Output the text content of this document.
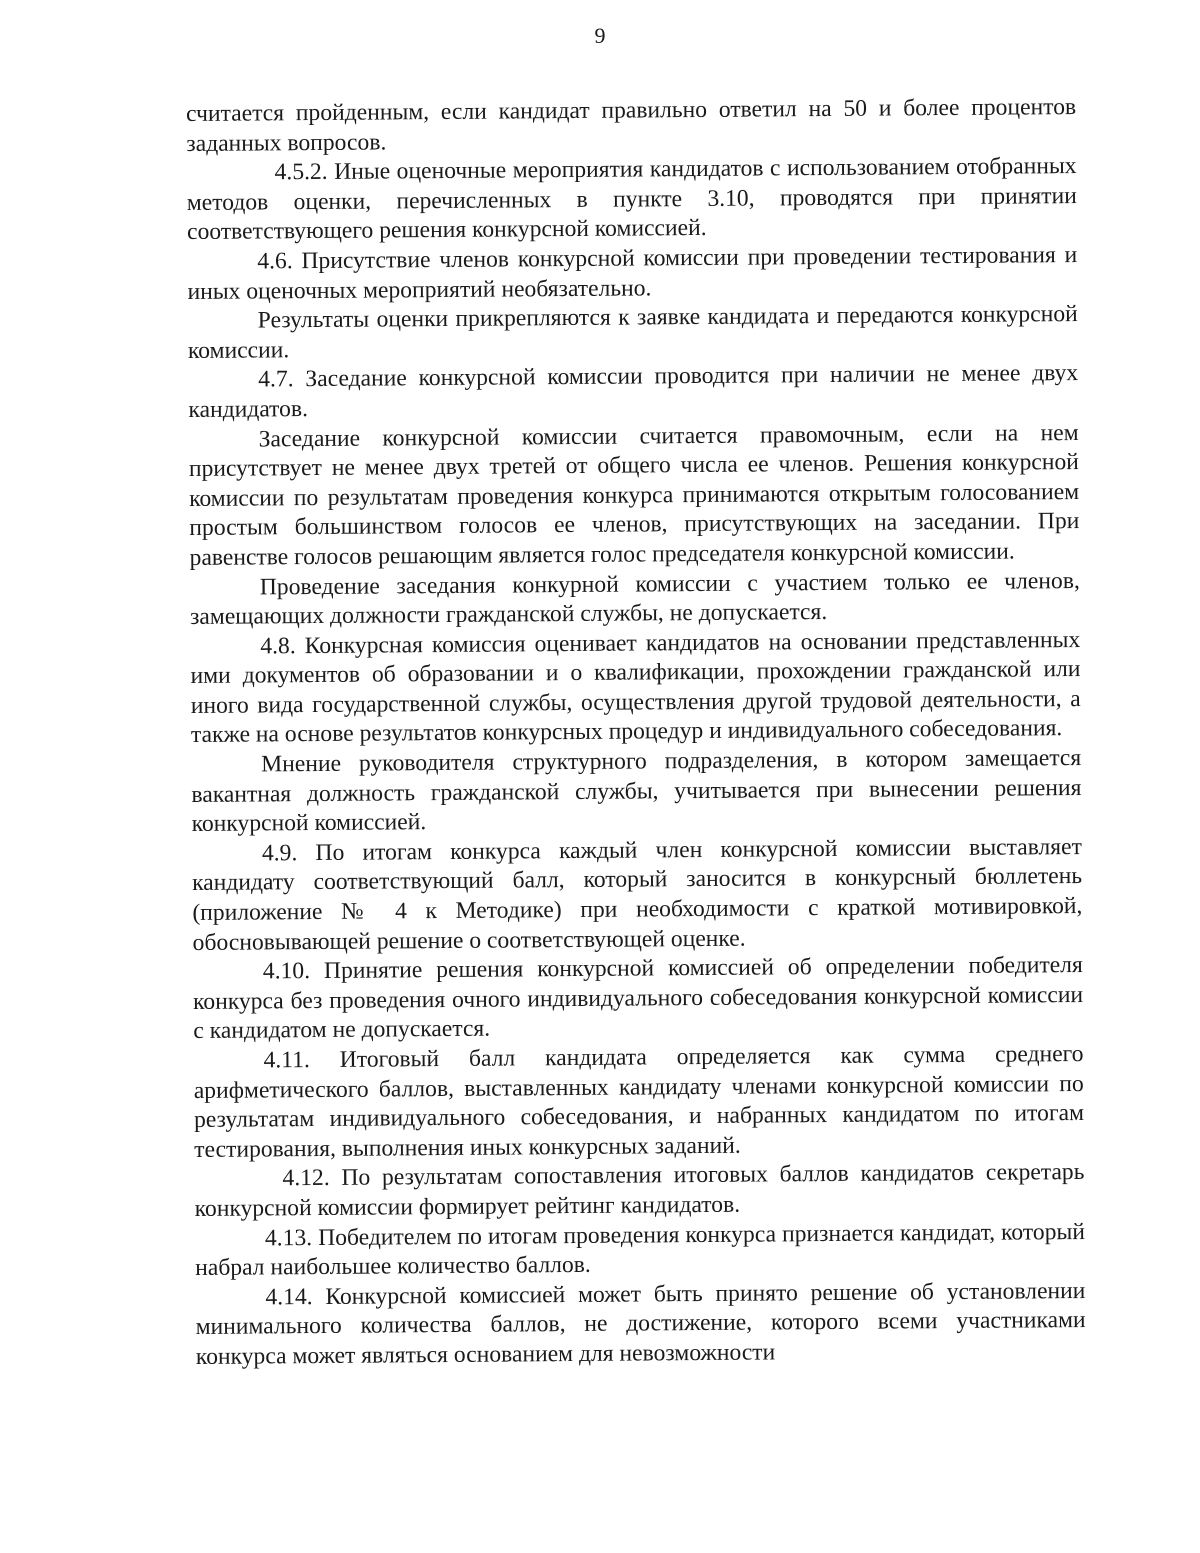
9

считается пройденным, если кандидат правильно ответил на 50 и более процентов заданных вопросов.

4.5.2. Иные оценочные мероприятия кандидатов с использованием отобранных методов оценки, перечисленных в пункте 3.10, проводятся при принятии соответствующего решения конкурсной комиссией.

4.6. Присутствие членов конкурсной комиссии при проведении тестирования и иных оценочных мероприятий необязательно.

Результаты оценки прикрепляются к заявке кандидата и передаются конкурсной комиссии.

4.7. Заседание конкурсной комиссии проводится при наличии не менее двух кандидатов.

Заседание конкурсной комиссии считается правомочным, если на нем присутствует не менее двух третей от общего числа ее членов. Решения конкурсной комиссии по результатам проведения конкурса принимаются открытым голосованием простым большинством голосов ее членов, присутствующих на заседании. При равенстве голосов решающим является голос председателя конкурсной комиссии.

Проведение заседания конкурной комиссии с участием только ее членов, замещающих должности гражданской службы, не допускается.

4.8. Конкурсная комиссия оценивает кандидатов на основании представленных ими документов об образовании и о квалификации, прохождении гражданской или иного вида государственной службы, осуществления другой трудовой деятельности, а также на основе результатов конкурсных процедур и индивидуального собеседования.

Мнение руководителя структурного подразделения, в котором замещается вакантная должность гражданской службы, учитывается при вынесении решения конкурсной комиссией.

4.9. По итогам конкурса каждый член конкурсной комиссии выставляет кандидату соответствующий балл, который заносится в конкурсный бюллетень (приложение № 4 к Методике) при необходимости с краткой мотивировкой, обосновывающей решение о соответствующей оценке.

4.10. Принятие решения конкурсной комиссией об определении победителя конкурса без проведения очного индивидуального собеседования конкурсной комиссии с кандидатом не допускается.

4.11. Итоговый балл кандидата определяется как сумма среднего арифметического баллов, выставленных кандидату членами конкурсной комиссии по результатам индивидуального собеседования, и набранных кандидатом по итогам тестирования, выполнения иных конкурсных заданий.

4.12. По результатам сопоставления итоговых баллов кандидатов секретарь конкурсной комиссии формирует рейтинг кандидатов.

4.13. Победителем по итогам проведения конкурса признается кандидат, который набрал наибольшее количество баллов.

4.14. Конкурсной комиссией может быть принято решение об установлении минимального количества баллов, не достижение, которого всеми участниками конкурса может являться основанием для невозможности
